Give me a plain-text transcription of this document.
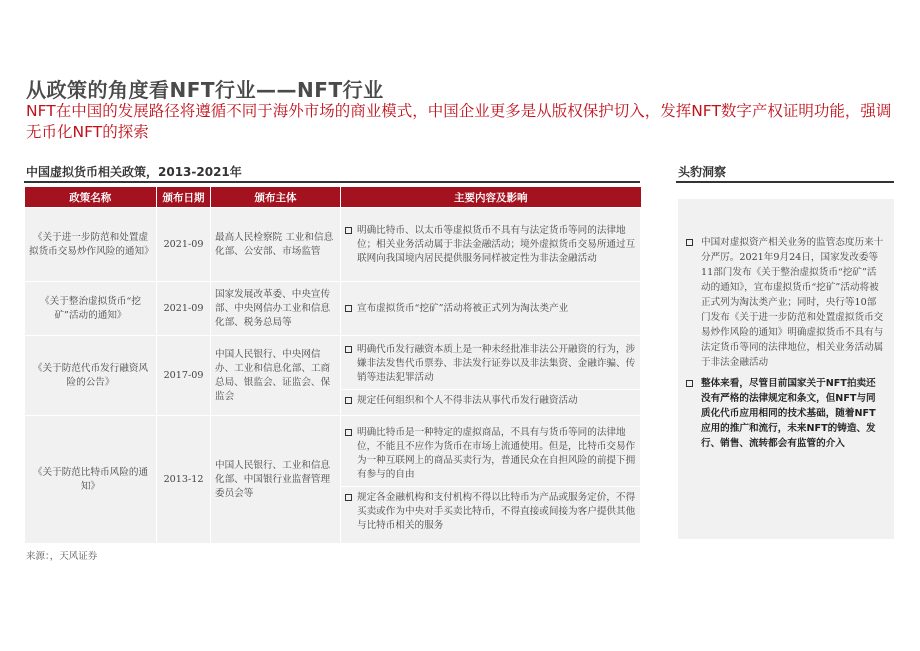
从政策的角度看NFT行业——NFT行业
NFT在中国的发展路径将遵循不同于海外市场的商业模式，中国企业更多是从版权保护切入，发挥NFT数字产权证明功能，强调无币化NFT的探索
中国虚拟货币相关政策，2013-2021年	头豹洞察
政策名称	颁布日期	颁布主体	主要内容及影响
《关于进一步防范和处置虚拟货币交易炒作风险的通知》	2021-09	最高人民检察院 工业和信息化部、公安部、市场监管	明确比特币、以太币等虚拟货币不具有与法定货币等同的法律地位；相关业务活动属于非法金融活动；境外虚拟货币交易所通过互联网向我国境内居民提供服务同样被定性为非法金融活动

《关于整治虚拟货币“挖矿”活动的通知》	2021-09	国家发展改革委、中央宣传部、中央网信办工业和信息化部、税务总局等	宣布虚拟货币“挖矿”活动将被正式列为淘汰类产业

《关于防范代币发行融资风险的公告》	2017-09	中国人民银行、中央网信办、工业和信息化部、工商总局、银监会、证监会、保监会	明确代币发行融资本质上是一种未经批准非法公开融资的行为，涉嫌非法发售代币票券、非法发行证券以及非法集资、金融诈骗、传销等违法犯罪活动
规定任何组织和个人不得非法从事代币发行融资活动

《关于防范比特币风险的通知》	2013-12	中国人民银行、工业和信息化部、中国银行业监督管理委员会等	明确比特币是一种特定的虚拟商品，不具有与货币等同的法律地位，不能且不应作为货币在市场上流通使用。但是，比特币交易作为一种互联网上的商品买卖行为，普通民众在自担风险的前提下拥有参与的自由
规定各金融机构和支付机构不得以比特币为产品或服务定价，不得买卖或作为中央对手买卖比特币，不得直接或间接为客户提供其他与比特币相关的服务
来源：，天风证券
中国对虚拟资产相关业务的监管态度历来十分严厉。2021年9月24日，国家发改委等11部门发布《关于整治虚拟货币“挖矿”活动的通知》，宣布虚拟货币“挖矿”活动将被正式列为淘汰类产业；同时，央行等10部门发布《关于进一步防范和处置虚拟货币交易炒作风险的通知》明确虚拟货币不具有与法定货币等同的法律地位，相关业务活动属于非法金融活动
整体来看，尽管目前国家关于NFT拍卖还没有严格的法律规定和条文，但NFT与同质化代币应用相同的技术基础，随着NFT应用的推广和流行，未来NFT的铸造、发行、销售、流转都会有监管的介入
